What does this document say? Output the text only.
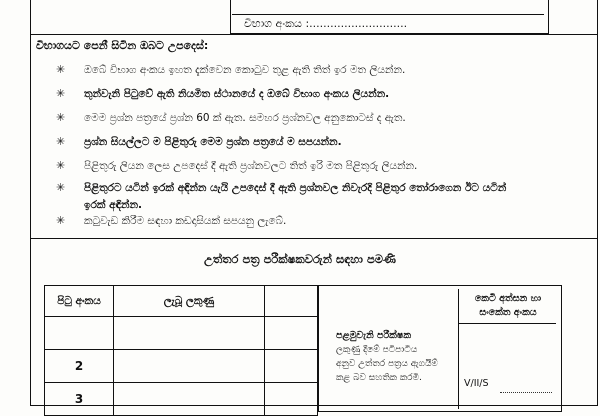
විභාග අංකය :............................
විභාගයට පෙනී සිටින ඔබට උපදෙස්:
✳ ඔබේ විභාග අංකය ඉහත දැක්වෙන කොටුව තුළ ඇති තිත් ඉර මත ලියන්න.
✳ තුන්වැනි පිටුවේ ඇති නියමිත ස්ථානයේ ද ඔබේ විභාග අංකය ලියන්න.
✳ මෙම ප්‍රශ්න පත්‍රයේ ප්‍රශ්න 60 ක් ඇත. සමහර ප්‍රශ්නවල අනුකොටස් ද ඇත.
✳ ප්‍රශ්න සියල්ලට ම පිළිතුරු මෙම ප්‍රශ්න පත්‍රයේ ම සපයන්න.
✳ පිළිතුරු ලියන ලෙස උපදෙස් දී ඇති ප්‍රශ්නවලට තිත් ඉරි මත පිළිතුරු ලියන්න.
✳ පිළිතුරට යටින් ඉරක් අඳින්න යැයි උපදෙස් දී ඇති ප්‍රශ්නවල නිවැරදි පිළිතුර තෝරාගෙන ඊට යටින්
ඉරක් අඳින්න.
✳ කටුවැඩ කිරීම සඳහා කඩදාසියක් සපයනු ලැබේ.
උත්තර පත්‍ර පරීක්ෂකවරුන් සඳහා පමණි
පිටු අංකය	ලැබූ ලකුණු	

2		
3		
කෙටි අත්සන හා සංකේත අංකය
පළමුවැනි පරීක්ෂක
ලකුණු දීමේ පටිපාටිය
අනුව උත්තර පත්‍රය ඇගයීම්
කළ බව සහතික කරමි.	V/II/S
